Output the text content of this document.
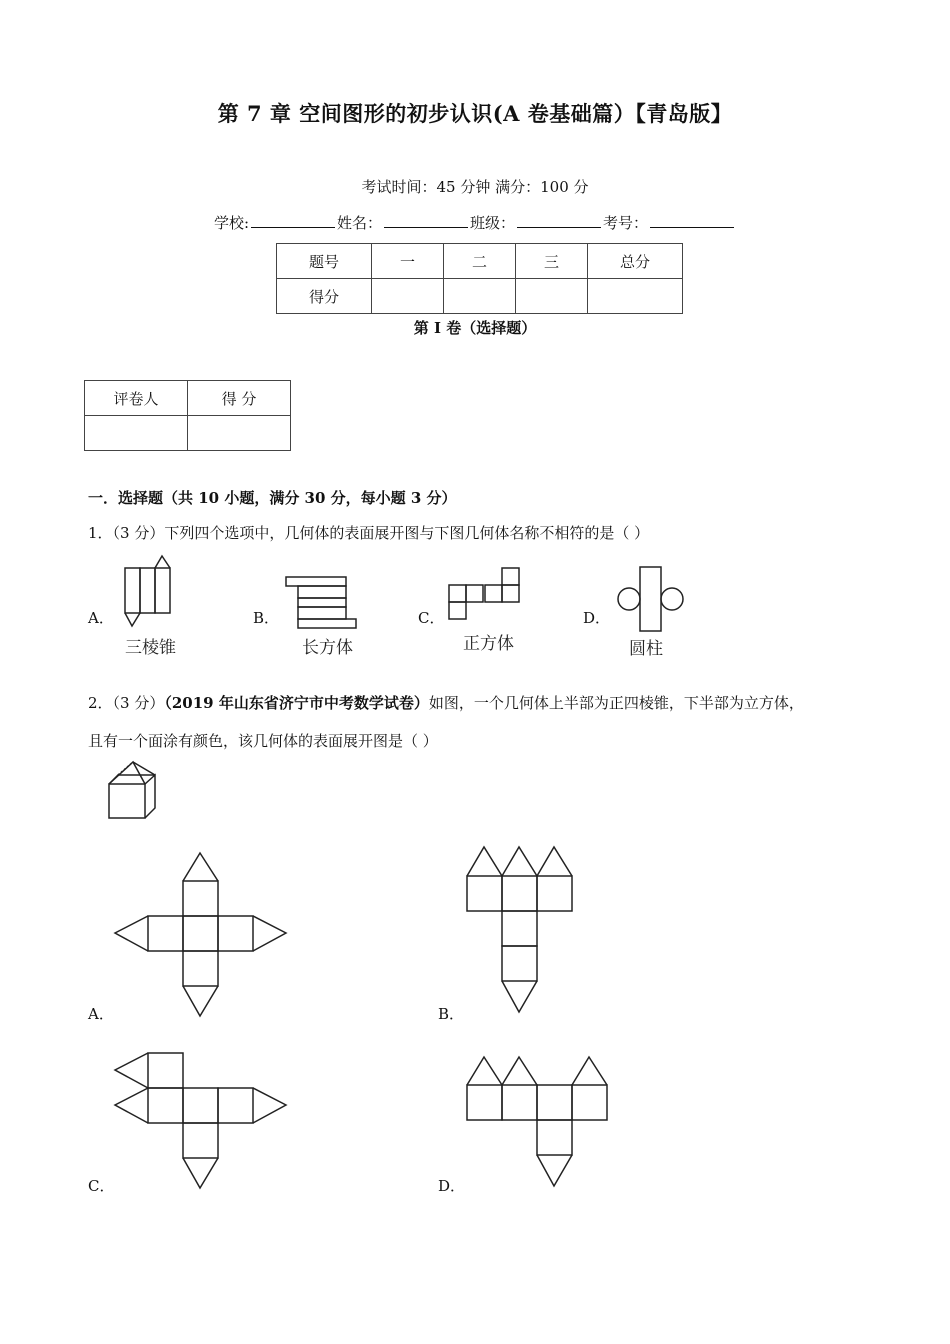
第 7 章 空间图形的初步认识(A 卷基础篇）【青岛版】
考试时间：45 分钟 满分：100 分
学校:	姓名：	班级：	考号：
题号	一	二	三	总分
得分				
第 I 卷（选择题）
评卷人	得 分

一．选择题（共 10 小题，满分 30 分，每小题 3 分）
1．（3 分）下列四个选项中，几何体的表面展开图与下图几何体名称不相符的是（ ）
A．	B．	C．	D．
三棱锥	长方体	正方体	圆柱
2．（3 分）（2019 年山东省济宁市中考数学试卷）如图，一个几何体上半部为正四棱锥，下半部为立方体，
且有一个面涂有颜色，该几何体的表面展开图是（ ）
A．	B．
C．	D．
